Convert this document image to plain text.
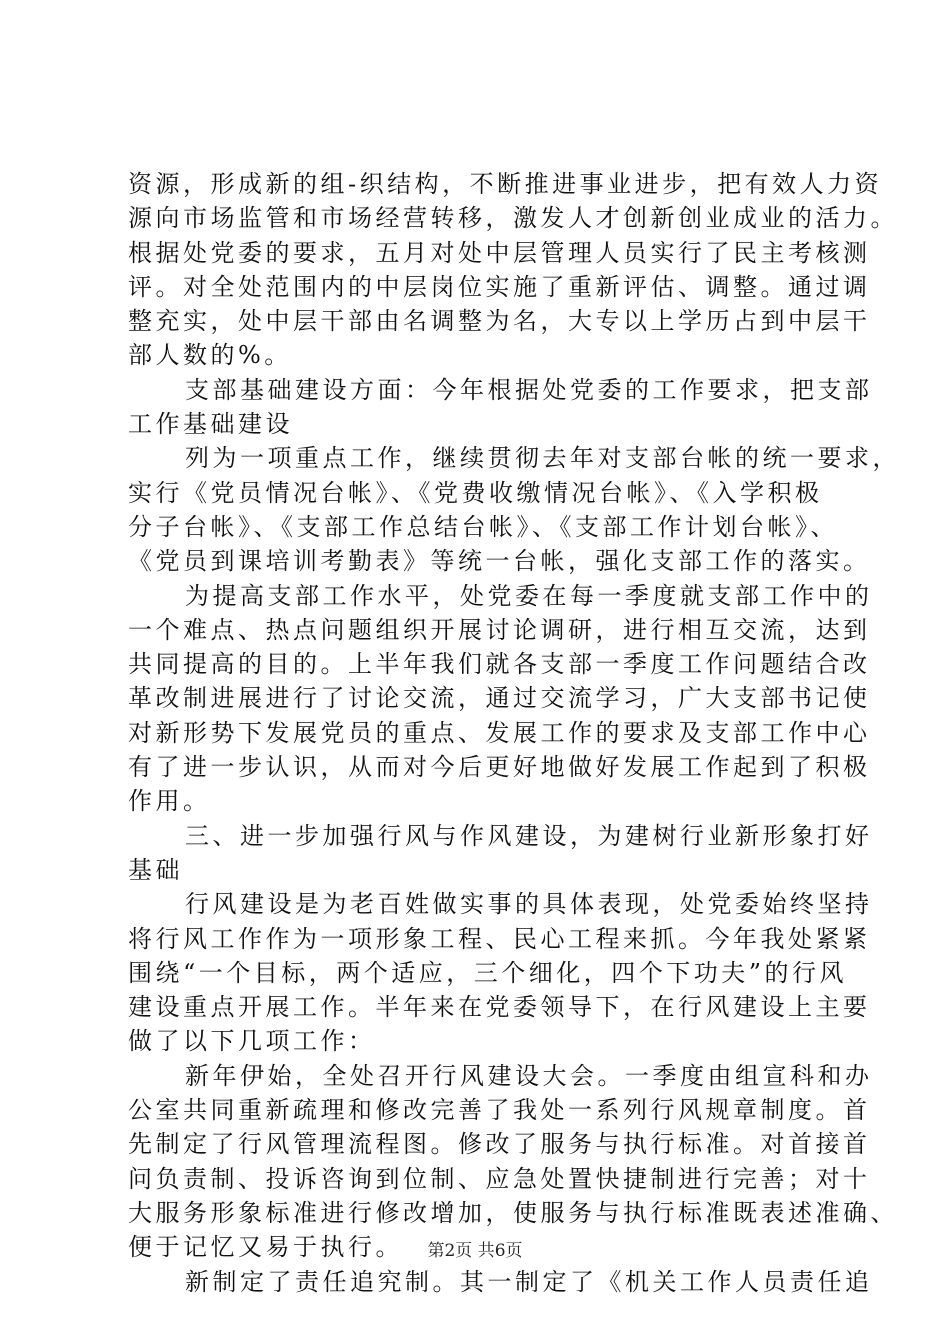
资源，形成新的组-织结构，不断推进事业进步，把有效人力资
源向市场监管和市场经营转移，激发人才创新创业成业的活力。
根据处党委的要求，五月对处中层管理人员实行了民主考核测
评。对全处范围内的中层岗位实施了重新评估、调整。通过调
整充实，处中层干部由名调整为名，大专以上学历占到中层干
部人数的%。
支部基础建设方面：今年根据处党委的工作要求，把支部
工作基础建设
列为一项重点工作，继续贯彻去年对支部台帐的统一要求，
实行《党员情况台帐》、《党费收缴情况台帐》、《入学积极
分子台帐》、《支部工作总结台帐》、《支部工作计划台帐》、
《党员到课培训考勤表》等统一台帐，强化支部工作的落实。
为提高支部工作水平，处党委在每一季度就支部工作中的
一个难点、热点问题组织开展讨论调研，进行相互交流，达到
共同提高的目的。上半年我们就各支部一季度工作问题结合改
革改制进展进行了讨论交流，通过交流学习，广大支部书记使
对新形势下发展党员的重点、发展工作的要求及支部工作中心
有了进一步认识，从而对今后更好地做好发展工作起到了积极
作用。
三、进一步加强行风与作风建设，为建树行业新形象打好
基础
行风建设是为老百姓做实事的具体表现，处党委始终坚持
将行风工作作为一项形象工程、民心工程来抓。今年我处紧紧
围绕“一个目标，两个适应，三个细化，四个下功夫”的行风
建设重点开展工作。半年来在党委领导下，在行风建设上主要
做了以下几项工作：
新年伊始，全处召开行风建设大会。一季度由组宣科和办
公室共同重新疏理和修改完善了我处一系列行风规章制度。首
先制定了行风管理流程图。修改了服务与执行标准。对首接首
问负责制、投诉咨询到位制、应急处置快捷制进行完善；对十
大服务形象标准进行修改增加，使服务与执行标准既表述准确、
便于记忆又易于执行。
新制定了责任追究制。其一制定了《机关工作人员责任追
第2页 共6页
